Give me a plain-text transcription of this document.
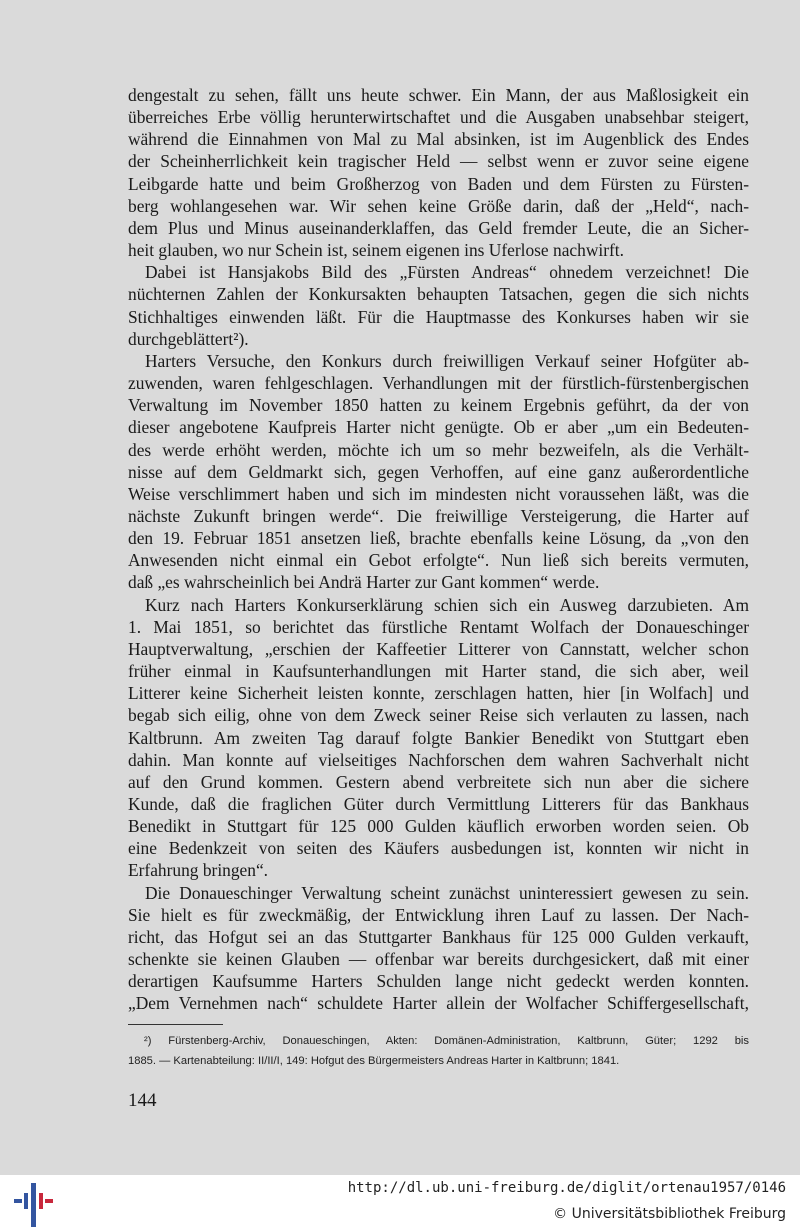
dengestalt zu sehen, fällt uns heute schwer. Ein Mann, der aus Maßlosigkeit ein

überreiches Erbe völlig herunterwirtschaftet und die Ausgaben unabsehbar steigert,

während die Einnahmen von Mal zu Mal absinken, ist im Augenblick des Endes

der Scheinherrlichkeit kein tragischer Held — selbst wenn er zuvor seine eigene

Leibgarde hatte und beim Großherzog von Baden und dem Fürsten zu Fürsten-

berg wohlangesehen war. Wir sehen keine Größe darin, daß der „Held“, nach-

dem Plus und Minus auseinanderklaffen, das Geld fremder Leute, die an Sicher-

heit glauben, wo nur Schein ist, seinem eigenen ins Uferlose nachwirft.

Dabei ist Hansjakobs Bild des „Fürsten Andreas“ ohnedem verzeichnet! Die

nüchternen Zahlen der Konkursakten behaupten Tatsachen, gegen die sich nichts

Stichhaltiges einwenden läßt. Für die Hauptmasse des Konkurses haben wir sie

durchgeblättert²).

Harters Versuche, den Konkurs durch freiwilligen Verkauf seiner Hofgüter ab-

zuwenden, waren fehlgeschlagen. Verhandlungen mit der fürstlich-fürstenbergischen

Verwaltung im November 1850 hatten zu keinem Ergebnis geführt, da der von

dieser angebotene Kaufpreis Harter nicht genügte. Ob er aber „um ein Bedeuten-

des werde erhöht werden, möchte ich um so mehr bezweifeln, als die Verhält-

nisse auf dem Geldmarkt sich, gegen Verhoffen, auf eine ganz außerordentliche

Weise verschlimmert haben und sich im mindesten nicht voraussehen läßt, was die

nächste Zukunft bringen werde“. Die freiwillige Versteigerung, die Harter auf

den 19. Februar 1851 ansetzen ließ, brachte ebenfalls keine Lösung, da „von den

Anwesenden nicht einmal ein Gebot erfolgte“. Nun ließ sich bereits vermuten,

daß „es wahrscheinlich bei Andrä Harter zur Gant kommen“ werde.

Kurz nach Harters Konkurserklärung schien sich ein Ausweg darzubieten. Am

1. Mai 1851, so berichtet das fürstliche Rentamt Wolfach der Donaueschinger

Hauptverwaltung, „erschien der Kaffeetier Litterer von Cannstatt, welcher schon

früher einmal in Kaufsunterhandlungen mit Harter stand, die sich aber, weil

Litterer keine Sicherheit leisten konnte, zerschlagen hatten, hier [in Wolfach] und

begab sich eilig, ohne von dem Zweck seiner Reise sich verlauten zu lassen, nach

Kaltbrunn. Am zweiten Tag darauf folgte Bankier Benedikt von Stuttgart eben

dahin. Man konnte auf vielseitiges Nachforschen dem wahren Sachverhalt nicht

auf den Grund kommen. Gestern abend verbreitete sich nun aber die sichere

Kunde, daß die fraglichen Güter durch Vermittlung Litterers für das Bankhaus

Benedikt in Stuttgart für 125 000 Gulden käuflich erworben worden seien. Ob

eine Bedenkzeit von seiten des Käufers ausbedungen ist, konnten wir nicht in

Erfahrung bringen“.

Die Donaueschinger Verwaltung scheint zunächst uninteressiert gewesen zu sein.

Sie hielt es für zweckmäßig, der Entwicklung ihren Lauf zu lassen. Der Nach-

richt, das Hofgut sei an das Stuttgarter Bankhaus für 125 000 Gulden verkauft,

schenkte sie keinen Glauben — offenbar war bereits durchgesickert, daß mit einer

derartigen Kaufsumme Harters Schulden lange nicht gedeckt werden konnten.

„Dem Vernehmen nach“ schuldete Harter allein der Wolfacher Schiffergesellschaft,

²) Fürstenberg-Archiv, Donaueschingen, Akten: Domänen-Administration, Kaltbrunn, Güter; 1292 bis

1885. — Kartenabteilung: II/II/I, 149: Hofgut des Bürgermeisters Andreas Harter in Kaltbrunn; 1841.

144
http://dl.ub.uni-freiburg.de/diglit/ortenau1957/0146
© Universitätsbibliothek Freiburg
